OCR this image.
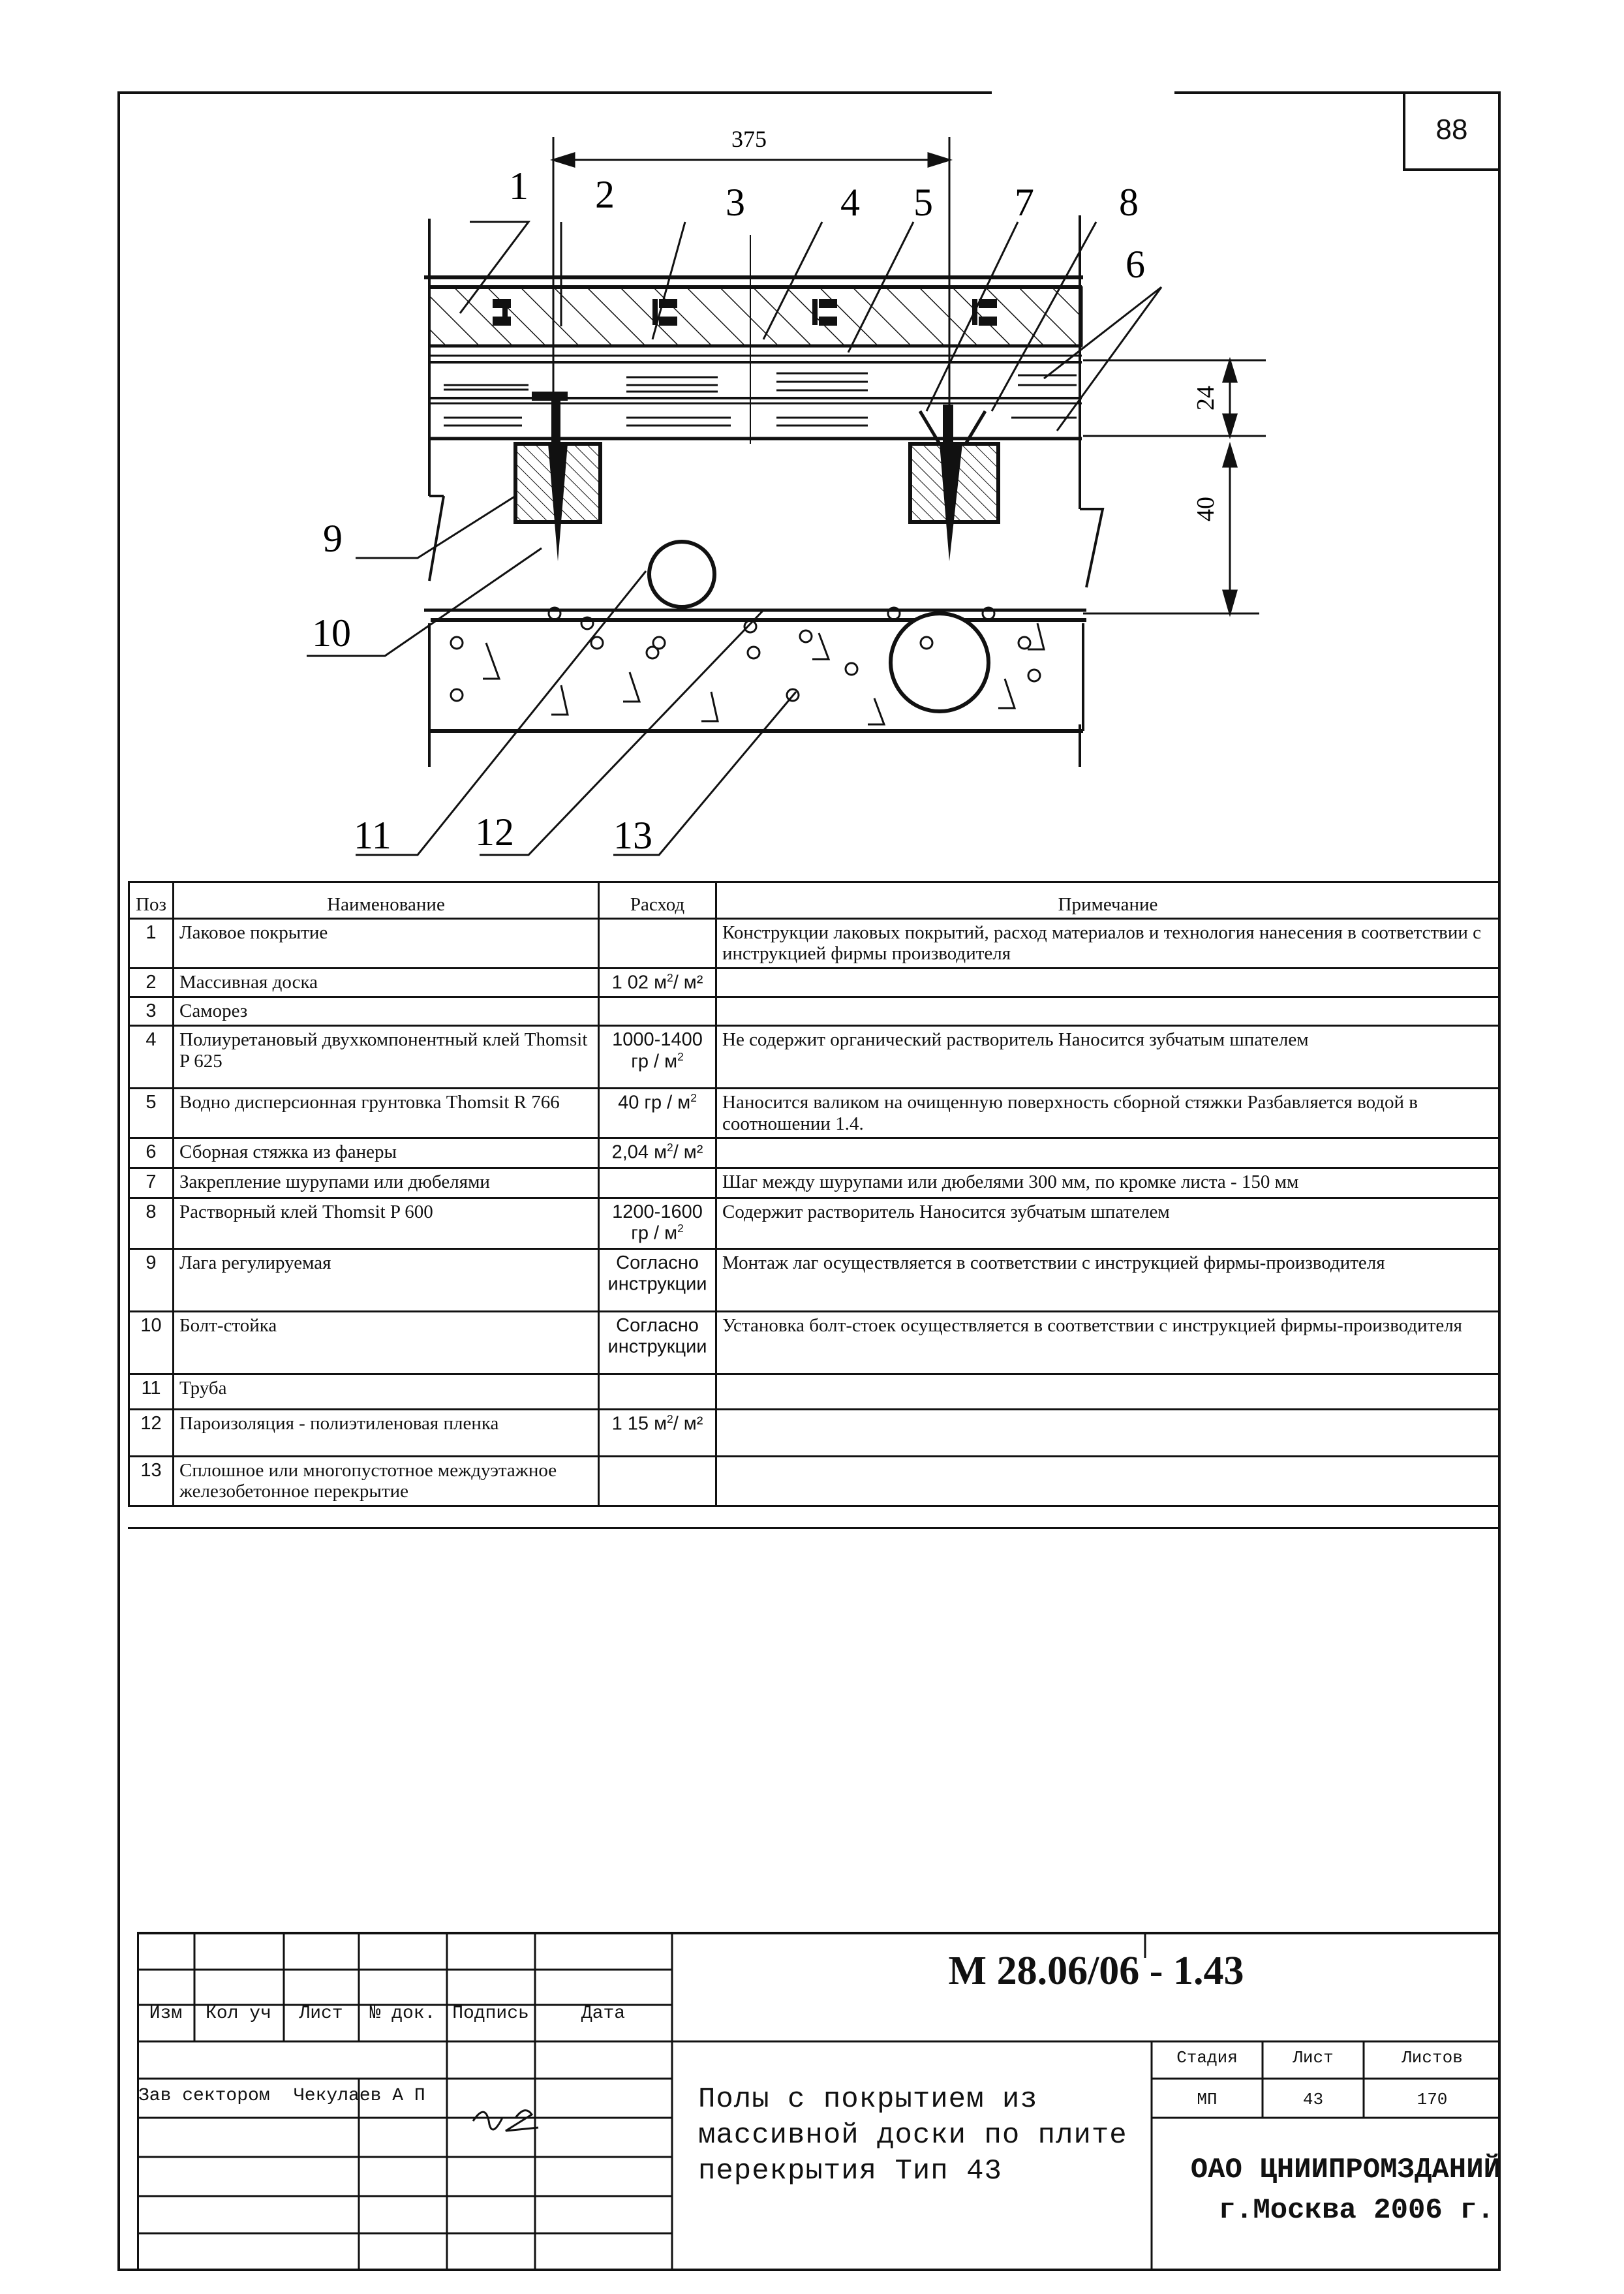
88
375
24
40
1 2	3 4 5 7 8
6
9
10
11 12	13
Поз	Наименование	Расход	Примечание
1	Лаковое покрытие		Конструкции лаковых покрытий, расход материалов и технология нанесения в соответствии с инструкцией фирмы производителя
2	Массивная доска	1 02 $м^2/$ м²	
3	Саморез		
4	Полиуретановый двухкомпонентный клей Thomsit P 625	1000-1400 гр / $м^2$	Не содержит органический растворитель Наносится зубчатым шпателем
5	Водно дисперсионная грунтовка Thomsit R 766	40 гр / $м^2$	Наносится валиком на очищенную поверхность сборной стяжки Разбавляется водой в соотношении 1.4.
6	Сборная стяжка из фанеры	2,04 $м^2/$ м²	
7	Закрепление шурупами или дюбелями		Шаг между шурупами или дюбелями 300 мм, по кромке листа - 150 мм
8	Растворный клей Thomsit P 600	1200-1600 гр / $м^2$	Содержит растворитель Наносится зубчатым шпателем
9	Лага регулируемая	Согласно инструкции	Монтаж лаг осуществляется в соответствии с инструкцией фирмы-производителя
10	Болт-стойка	Согласно инструкции	Установка болт-стоек осуществляется в соответствии с инструкцией фирмы-производителя
11	Труба		
12	Пароизоляция - полиэтиленовая пленка	1 15 $м^2/$ м²	
13	Сплошное или многопустотное междуэтажное железобетонное перекрытие		
М 28.06/06 - 1.43
Изм	Кол уч	Лист	№ док. Подпись	Дата
Зав сектором	Чекулаев А П	Полы с покрытием из массивной доски по плите перекрытия Тип 43
Стадия	Лист	Листов
МП	43	170
ОАО ЦНИИПРОМЗДАНИЙ
г.Москва 2006 г.
